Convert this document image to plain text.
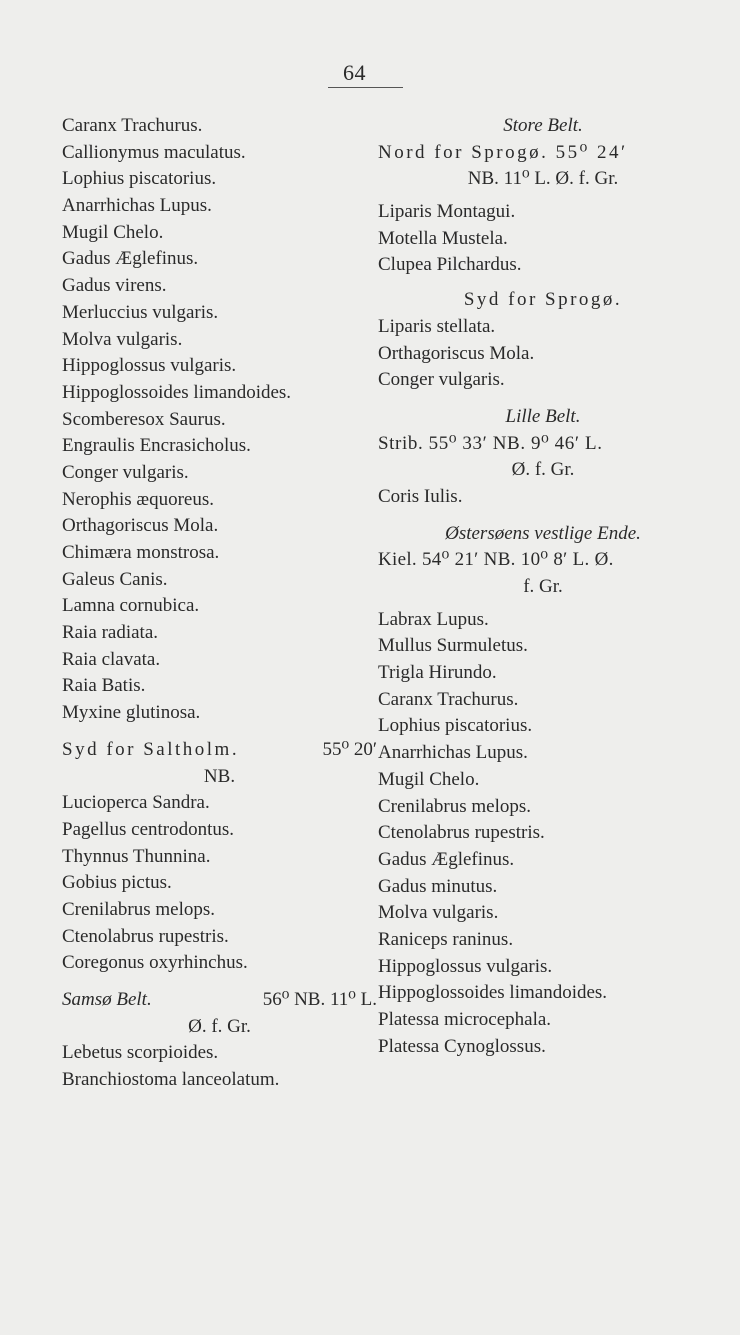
64
Caranx Trachurus.
Callionymus maculatus.
Lophius piscatorius.
Anarrhichas Lupus.
Mugil Chelo.
Gadus Æglefinus.
Gadus virens.
Merluccius vulgaris.
Molva vulgaris.
Hippoglossus vulgaris.
Hippoglossoides limandoides.
Scomberesox Saurus.
Engraulis Encrasicholus.
Conger vulgaris.
Nerophis æquoreus.
Orthagoriscus Mola.
Chimæra monstrosa.
Galeus Canis.
Lamna cornubica.
Raia radiata.
Raia clavata.
Raia Batis.
Myxine glutinosa.
Syd for Saltholm.	55⁰ 20′
NB.
Lucioperca Sandra.
Pagellus centrodontus.
Thynnus Thunnina.
Gobius pictus.
Crenilabrus melops.
Ctenolabrus rupestris.
Coregonus oxyrhinchus.
Samsø Belt.	56⁰ NB. 11⁰ L.
Ø. f. Gr.
Lebetus scorpioides.
Branchiostoma lanceolatum.
Store Belt.
Nord for Sprogø. 55⁰ 24′
NB. 11⁰ L. Ø. f. Gr.
Liparis Montagui.
Motella Mustela.
Clupea Pilchardus.
Syd for Sprogø.
Liparis stellata.
Orthagoriscus Mola.
Conger vulgaris.
Lille Belt.
Strib. 55⁰ 33′ NB. 9⁰ 46′ L.
Ø. f. Gr.
Coris Iulis.
Østersøens vestlige Ende.
Kiel. 54⁰ 21′ NB. 10⁰ 8′ L. Ø.
f. Gr.
Labrax Lupus.
Mullus Surmuletus.
Trigla Hirundo.
Caranx Trachurus.
Lophius piscatorius.
Anarrhichas Lupus.
Mugil Chelo.
Crenilabrus melops.
Ctenolabrus rupestris.
Gadus Æglefinus.
Gadus minutus.
Molva vulgaris.
Raniceps raninus.
Hippoglossus vulgaris.
Hippoglossoides limandoides.
Platessa microcephala.
Platessa Cynoglossus.
